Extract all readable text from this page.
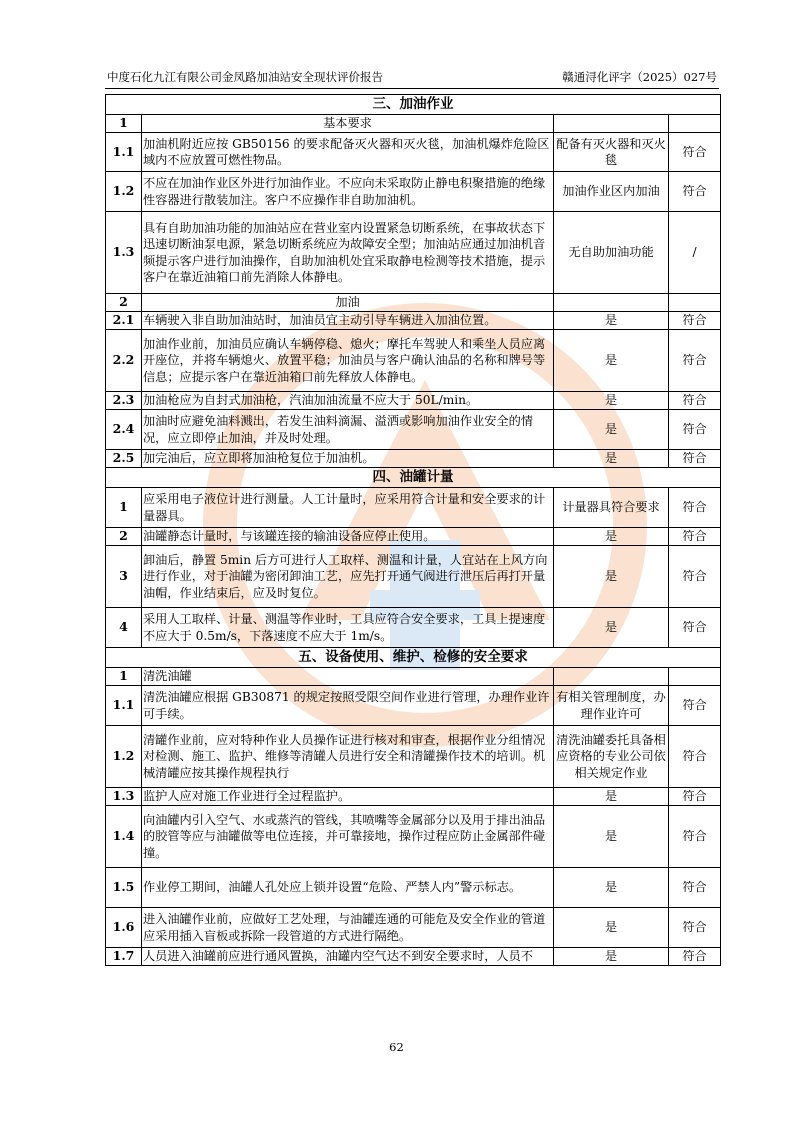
中度石化九江有限公司金凤路加油站安全现状评价报告	赣通浔化评字（2025）027号
三、加油作业			
1	基本要求		
1.1	加油机附近应按 GB50156 的要求配备灭火器和灭火毯，加油机爆炸危险区域内不应放置可燃性物品。	配备有灭火器和灭火毯	符合
1.2	不应在加油作业区外进行加油作业。不应向未采取防止静电积聚措施的绝缘性容器进行散装加注。客户不应操作非自助加油机。	加油作业区内加油	符合
1.3	具有自助加油功能的加油站应在营业室内设置紧急切断系统，在事故状态下迅速切断油泵电源，紧急切断系统应为故障安全型；加油站应通过加油机音频提示客户进行加油操作，自助加油机处宜采取静电检测等技术措施，提示客户在靠近油箱口前先消除人体静电。	无自助加油功能	/
2	加油		
2.1	车辆驶入非自助加油站时，加油员宜主动引导车辆进入加油位置。	是	符合
2.2	加油作业前，加油员应确认车辆停稳、熄火；摩托车驾驶人和乘坐人员应离开座位，并将车辆熄火、放置平稳；加油员与客户确认油品的名称和牌号等信息；应提示客户在靠近油箱口前先释放人体静电。	是	符合
2.3	加油枪应为自封式加油枪，汽油加油流量不应大于 50L/min。	是	符合
2.4	加油时应避免油料溅出，若发生油料滴漏、溢洒或影响加油作业安全的情况，应立即停止加油，并及时处理。	是	符合
2.5	加完油后，应立即将加油枪复位于加油机。	是	符合
四、油罐计量			
1	应采用电子液位计进行测量。人工计量时，应采用符合计量和安全要求的计量器具。	计量器具符合要求	符合
2	油罐静态计量时，与该罐连接的输油设备应停止使用。	是	符合
3	卸油后，静置 5min 后方可进行人工取样、测温和计量，人宜站在上风方向进行作业，对于油罐为密闭卸油工艺，应先打开通气阀进行泄压后再打开量油帽，作业结束后，应及时复位。	是	符合
4	采用人工取样、计量、测温等作业时，工具应符合安全要求，工具上提速度不应大于 0.5m/s，下落速度不应大于 1m/s。	是	符合
五、设备使用、维护、检修的安全要求			
1	清洗油罐		
1.1	清洗油罐应根据 GB30871 的规定按照受限空间作业进行管理，办理作业许可手续。	有相关管理制度，办理作业许可	符合
1.2	清罐作业前，应对特种作业人员操作证进行核对和审查，根据作业分组情况对检测、施工、监护、维修等清罐人员进行安全和清罐操作技术的培训。机械清罐应按其操作规程执行	清洗油罐委托具备相应资格的专业公司依相关规定作业	符合
1.3	监护人应对施工作业进行全过程监护。	是	符合
1.4	向油罐内引入空气、水或蒸汽的管线，其喷嘴等金属部分以及用于排出油品的胶管等应与油罐做等电位连接，并可靠接地，操作过程应防止金属部件碰撞。	是	符合
1.5	作业停工期间，油罐人孔处应上锁并设置“危险、严禁人内”警示标志。	是	符合
1.6	进入油罐作业前，应做好工艺处理，与油罐连通的可能危及安全作业的管道应采用插入盲板或拆除一段管道的方式进行隔绝。	是	符合
1.7	人员进入油罐前应进行通风置换，油罐内空气达不到安全要求时，人员不	是	符合
62
